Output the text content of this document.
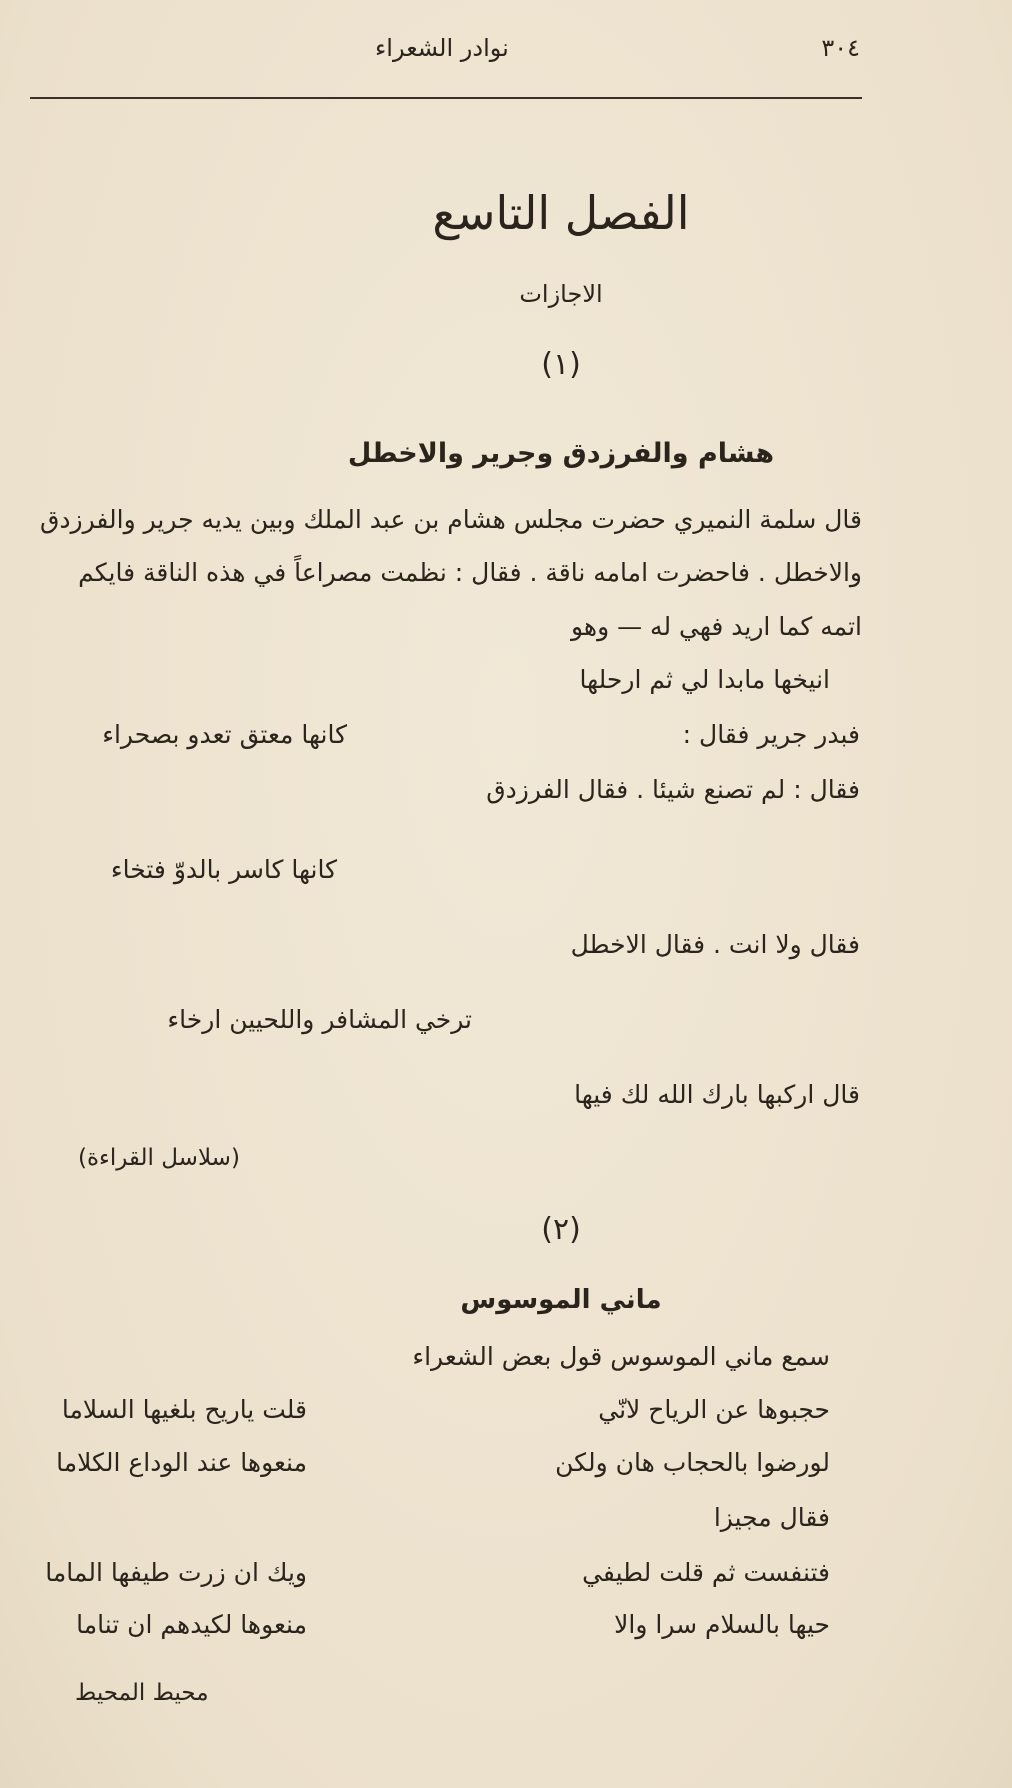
٣٠٤
نوادر الشعراء
الفصل التاسع
الاجازات
(١)
هشام والفرزدق وجرير والاخطل
قال سلمة النميري حضرت مجلس هشام بن عبد الملك وبين يديه جرير والفرزدق
والاخطل . فاحضرت امامه ناقة . فقال : نظمت مصراعاً في هذه الناقة فايكم
اتمه كما اريد فهي له — وهو
انيخها مابدا لي ثم ارحلها
فبدر جرير فقال :
كانها معتق تعدو بصحراء
فقال : لم تصنع شيئا . فقال الفرزدق
كانها كاسر بالدوّ فتخاء
فقال ولا انت . فقال الاخطل
ترخي المشافر واللحيين ارخاء
قال اركبها بارك الله لك فيها
(سلاسل القراءة)
(٢)
ماني الموسوس
سمع ماني الموسوس قول بعض الشعراء
حجبوها عن الرياح لانّي
قلت ياريح بلغيها السلاما
لورضوا بالحجاب هان ولكن
منعوها عند الوداع الكلاما
فقال مجيزا
فتنفست ثم قلت لطيفي
ويك ان زرت طيفها الماما
حيها بالسلام سرا والا
منعوها لكيدهم ان تناما
محيط المحيط
